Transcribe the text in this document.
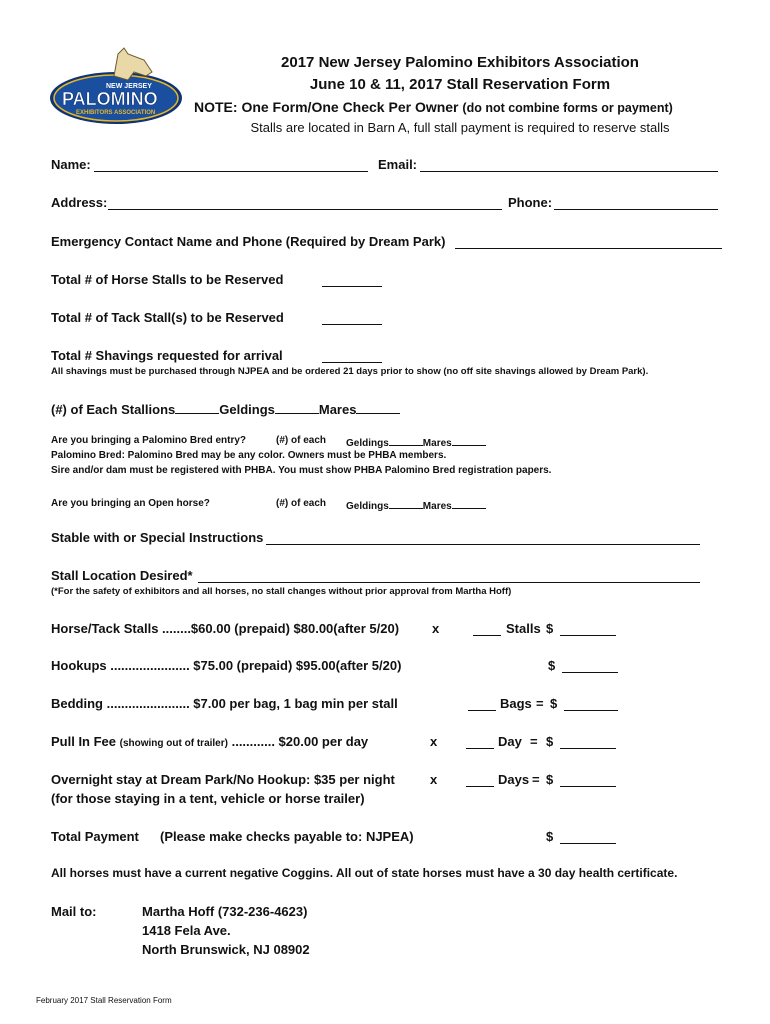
NEW JERSEY
PALOMINO
EXHIBITORS ASSOCIATION
2017 New Jersey Palomino Exhibitors Association
June 10 & 11, 2017 Stall Reservation Form
NOTE: One Form/One Check Per Owner (do not combine forms or payment)
Stalls are located in Barn A, full stall payment is required to reserve stalls
Name:	Email:
Address:	Phone:
Emergency Contact Name and Phone (Required by Dream Park)
Total # of Horse Stalls to be Reserved
Total # of Tack Stall(s) to be Reserved
Total # Shavings requested for arrival
All shavings must be purchased through NJPEA and be ordered 21 days prior to show (no off site shavings allowed by Dream Park).
(#) of Each Stallions	Geldings	Mares
Are you bringing a Palomino Bred entry?	(#) of each Geldings	Mares
Palomino Bred: Palomino Bred may be any color. Owners must be PHBA members.
Sire and/or dam must be registered with PHBA. You must show PHBA Palomino Bred registration papers.
Are you bringing an Open horse?	(#) of each Geldings	Mares
Stable with or Special Instructions
Stall Location Desired*
(*For the safety of exhibitors and all horses, no stall changes without prior approval from Martha Hoff)
Horse/Tack Stalls ........$60.00 (prepaid) $80.00(after 5/20)	x	Stalls $
Hookups ...................... $75.00 (prepaid) $95.00(after 5/20)	$
Bedding ....................... $7.00 per bag, 1 bag min per stall	Bags = $
Pull In Fee (showing out of trailer) ............ $20.00 per day	x	Day = $
Overnight stay at Dream Park/No Hookup: $35 per night
(for those staying in a tent, vehicle or horse trailer)
x	Days = $
Total Payment (Please make checks payable to: NJPEA)	$
All horses must have a current negative Coggins. All out of state horses must have a 30 day health certificate.
Mail to:	Martha Hoff (732-236-4623)
1418 Fela Ave.
North Brunswick, NJ 08902
February 2017 Stall Reservation Form
